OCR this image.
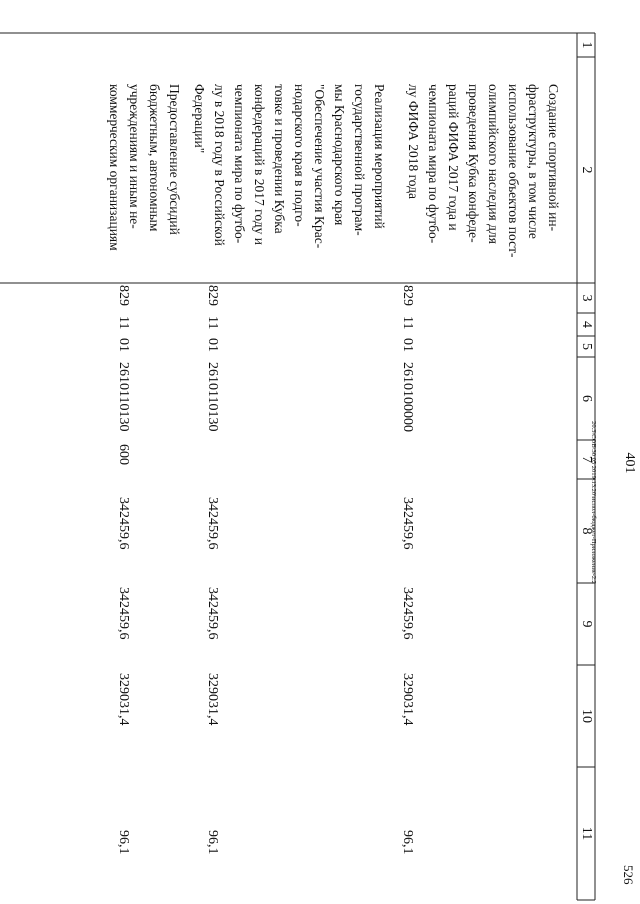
401
526
20.3\СОВ\30 05 2019\13.20\испол-бюджет-Приложение-2.2
1
2
3
4
5
6
7
8
9
10
11
Создание спортивной ин-
фраструктуры, в том числе
использование объектов пост-
олимпийского наследия для
проведения Кубка конфеде-
раций ФИФА 2017 года и
чемпионата мира по футбо-
лу ФИФА 2018 года
829
11
01
2610100000
342459,6
342459,6
329031,4
96,1
Реализация мероприятий
государственной програм-
мы Краснодарского края
"Обеспечение участия Крас-
нодарского края в подго-
товке и проведении Кубка
конфедераций в 2017 году и
чемпионата мира по футбо-
лу в 2018 году в Российской
Федерации"
829
11
01
2610110130
342459,6
342459,6
329031,4
96,1
Предоставление субсидий
бюджетным, автономным
учреждениям и иным не-
коммерческим организациям
829
11
01
2610110130
600
342459,6
342459,6
329031,4
96,1
